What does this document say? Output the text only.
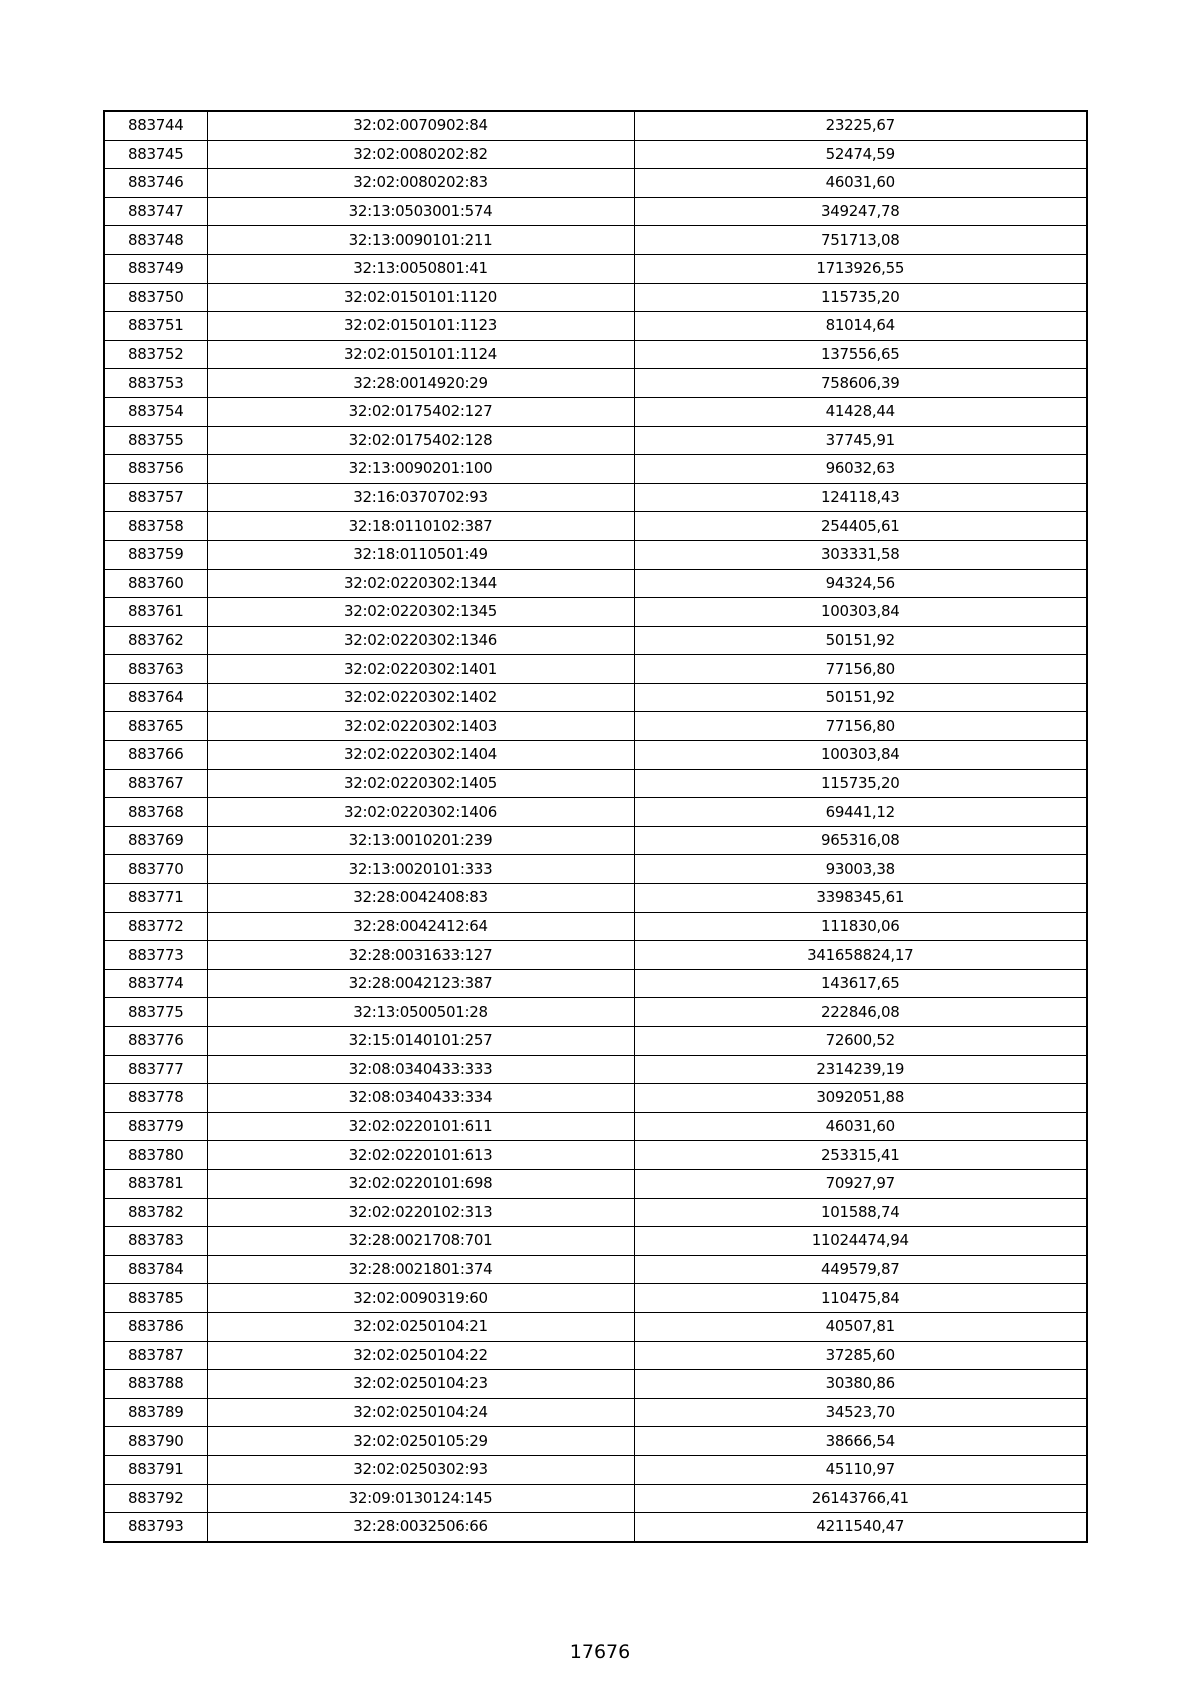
883744	32:02:0070902:84	23225,67
883745	32:02:0080202:82	52474,59
883746	32:02:0080202:83	46031,60
883747	32:13:0503001:574	349247,78
883748	32:13:0090101:211	751713,08
883749	32:13:0050801:41	1713926,55
883750	32:02:0150101:1120	115735,20
883751	32:02:0150101:1123	81014,64
883752	32:02:0150101:1124	137556,65
883753	32:28:0014920:29	758606,39
883754	32:02:0175402:127	41428,44
883755	32:02:0175402:128	37745,91
883756	32:13:0090201:100	96032,63
883757	32:16:0370702:93	124118,43
883758	32:18:0110102:387	254405,61
883759	32:18:0110501:49	303331,58
883760	32:02:0220302:1344	94324,56
883761	32:02:0220302:1345	100303,84
883762	32:02:0220302:1346	50151,92
883763	32:02:0220302:1401	77156,80
883764	32:02:0220302:1402	50151,92
883765	32:02:0220302:1403	77156,80
883766	32:02:0220302:1404	100303,84
883767	32:02:0220302:1405	115735,20
883768	32:02:0220302:1406	69441,12
883769	32:13:0010201:239	965316,08
883770	32:13:0020101:333	93003,38
883771	32:28:0042408:83	3398345,61
883772	32:28:0042412:64	111830,06
883773	32:28:0031633:127	341658824,17
883774	32:28:0042123:387	143617,65
883775	32:13:0500501:28	222846,08
883776	32:15:0140101:257	72600,52
883777	32:08:0340433:333	2314239,19
883778	32:08:0340433:334	3092051,88
883779	32:02:0220101:611	46031,60
883780	32:02:0220101:613	253315,41
883781	32:02:0220101:698	70927,97
883782	32:02:0220102:313	101588,74
883783	32:28:0021708:701	11024474,94
883784	32:28:0021801:374	449579,87
883785	32:02:0090319:60	110475,84
883786	32:02:0250104:21	40507,81
883787	32:02:0250104:22	37285,60
883788	32:02:0250104:23	30380,86
883789	32:02:0250104:24	34523,70
883790	32:02:0250105:29	38666,54
883791	32:02:0250302:93	45110,97
883792	32:09:0130124:145	26143766,41
883793	32:28:0032506:66	4211540,47
17676
